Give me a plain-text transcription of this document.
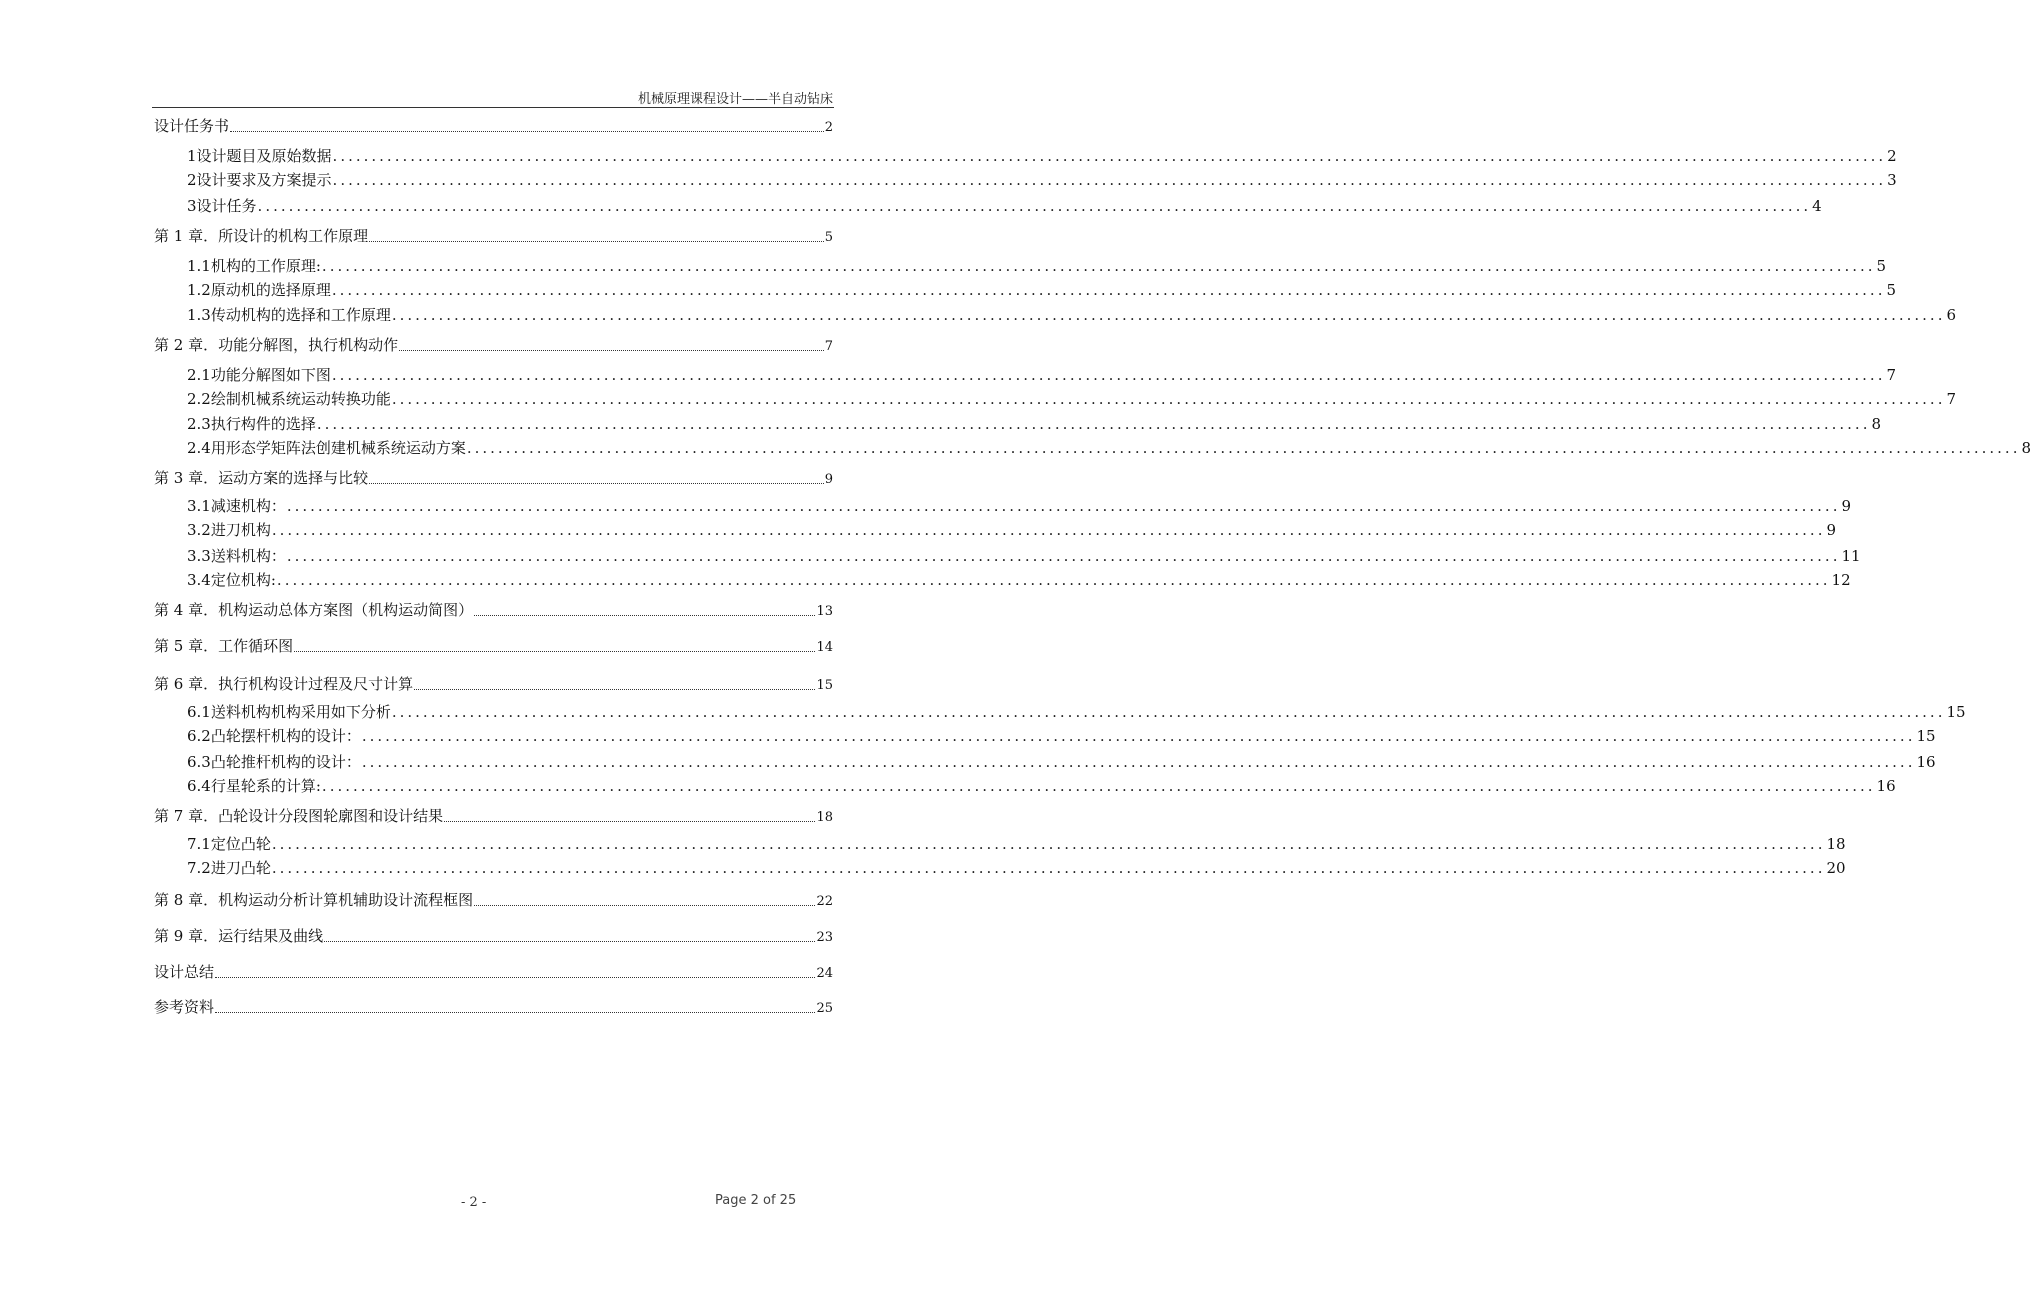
机械原理课程设计——半自动钻床
设计任务书	2
1设计题目及原始数据 ........................................................................................................................................................................................................ 2
2设计要求及方案提示 ........................................................................................................................................................................................................ 3
3设计任务 ........................................................................................................................................................................................................ 4
第 1 章．所设计的机构工作原理	5
1.1机构的工作原理: ........................................................................................................................................................................................................ 5
1.2原动机的选择原理 ........................................................................................................................................................................................................ 5
1.3传动机构的选择和工作原理 ........................................................................................................................................................................................................ 6
第 2 章．功能分解图，执行机构动作	7
2.1功能分解图如下图 ........................................................................................................................................................................................................ 7
2.2绘制机械系统运动转换功能 ........................................................................................................................................................................................................ 7
2.3执行构件的选择 ........................................................................................................................................................................................................ 8
2.4用形态学矩阵法创建机械系统运动方案 ........................................................................................................................................................................................................ 8
第 3 章．运动方案的选择与比较	9
3.1减速机构： ........................................................................................................................................................................................................ 9
3.2进刀机构 ........................................................................................................................................................................................................ 9
3.3送料机构： ........................................................................................................................................................................................................ 11
3.4定位机构: ........................................................................................................................................................................................................ 12
第 4 章．机构运动总体方案图（机构运动简图）	13
第 5 章．工作循环图	14
第 6 章．执行机构设计过程及尺寸计算	15
6.1送料机构机构采用如下分析 ........................................................................................................................................................................................................ 15
6.2凸轮摆杆机构的设计： ........................................................................................................................................................................................................ 15
6.3凸轮推杆机构的设计： ........................................................................................................................................................................................................ 16
6.4行星轮系的计算: ........................................................................................................................................................................................................ 16
第 7 章．凸轮设计分段图轮廓图和设计结果	18
7.1定位凸轮 ........................................................................................................................................................................................................ 18
7.2进刀凸轮 ........................................................................................................................................................................................................ 20
第 8 章．机构运动分析计算机辅助设计流程框图	22
第 9 章．运行结果及曲线	23
设计总结	24
参考资料	25
- 2 -	Page 2 of 25
